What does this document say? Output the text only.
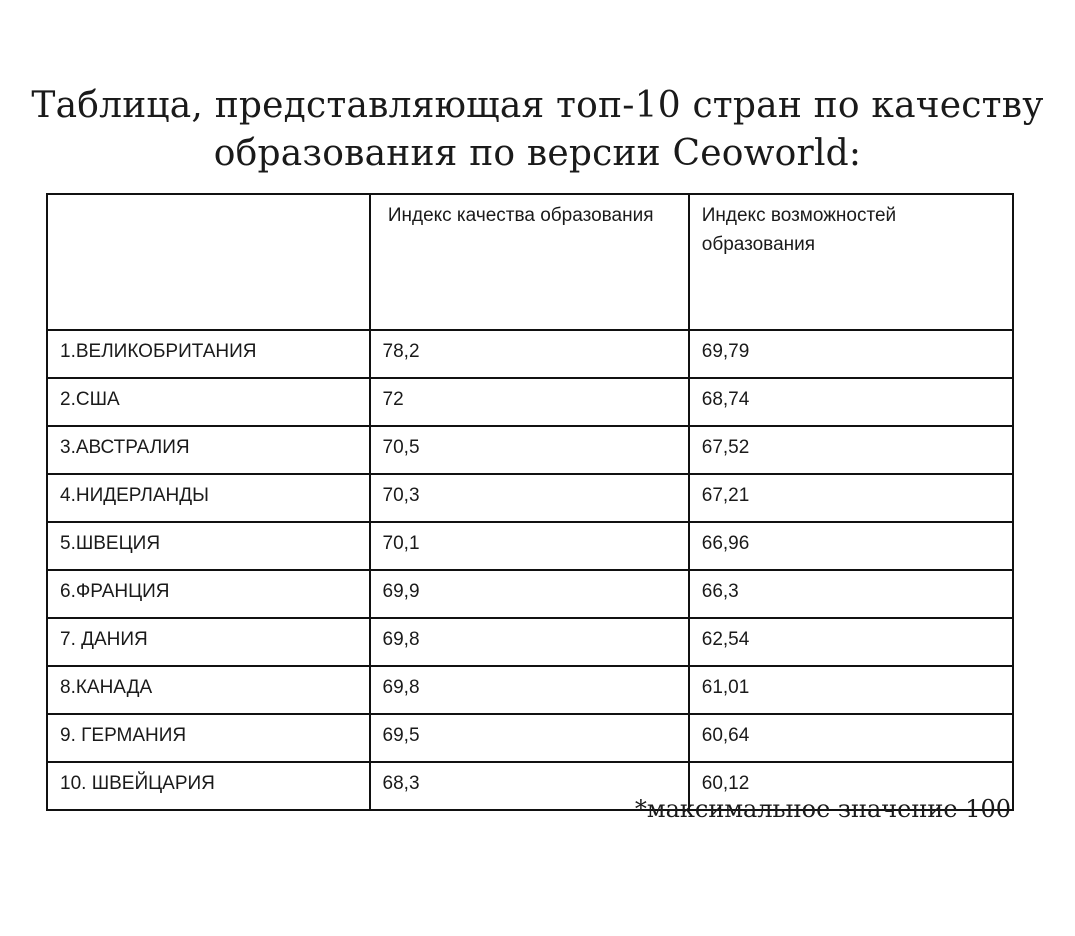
Таблица, представляющая топ-10 стран по качеству
образования по версии Ceoworld:
	Индекс качества образования	Индекс возможностей образования
1.ВЕЛИКОБРИТАНИЯ	78,2	69,79
2.США	72	68,74
3.АВСТРАЛИЯ	70,5	67,52
4.НИДЕРЛАНДЫ	70,3	67,21
5.ШВЕЦИЯ	70,1	66,96
6.ФРАНЦИЯ	69,9	66,3
7. ДАНИЯ	69,8	62,54
8.КАНАДА	69,8	61,01
9. ГЕРМАНИЯ	69,5	60,64
10. ШВЕЙЦАРИЯ	68,3	60,12
*максимальное значение 100
